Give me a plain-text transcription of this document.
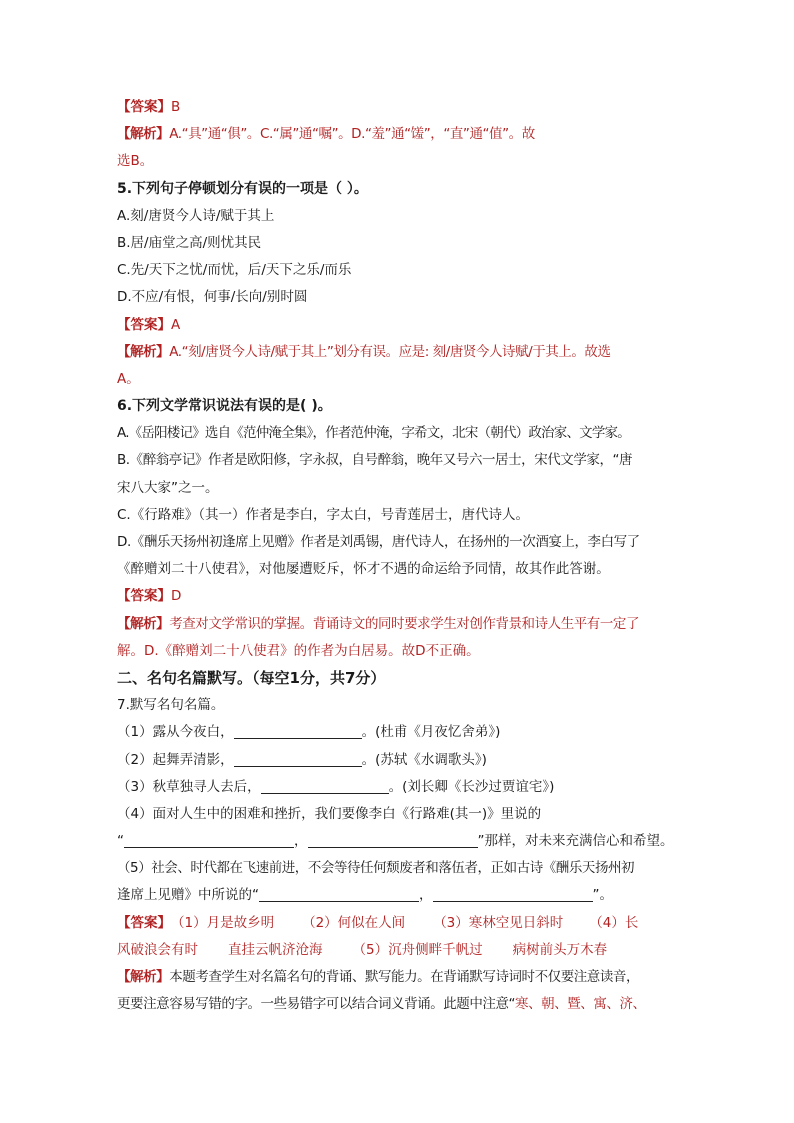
【答案】B
【解析】A.“具”通“俱”。C.“属”通“嘱”。D.“羞”通“馐”，“直”通“值”。故
选B。
5.下列句子停顿划分有误的一项是（ ）。
A.刻/唐贤今人诗/赋于其上
B.居/庙堂之高/则忧其民
C.先/天下之忧/而忧，后/天下之乐/而乐
D.不应/有恨，何事/长向/别时圆
【答案】A
【解析】A.“刻/唐贤今人诗/赋于其上”划分有误。应是: 刻/唐贤今人诗赋/于其上。故选
A。
6.下列文学常识说法有误的是( )。
A.《岳阳楼记》选自《范仲淹全集》，作者范仲淹，字希文，北宋（朝代）政治家、文学家。
B.《醉翁亭记》作者是欧阳修，字永叔，自号醉翁，晚年又号六一居士，宋代文学家，“唐
宋八大家”之一。
C.《行路难》（其一）作者是李白，字太白，号青莲居士，唐代诗人。
D.《酬乐天扬州初逢席上见赠》作者是刘禹锡，唐代诗人，在扬州的一次酒宴上，李白写了
《醉赠刘二十八使君》，对他屡遭贬斥，怀才不遇的命运给予同情，故其作此答谢。
【答案】D
【解析】考查对文学常识的掌握。背诵诗文的同时要求学生对创作背景和诗人生平有一定了
解。D.《醉赠刘二十八使君》的作者为白居易。故D不正确。
二、名句名篇默写。（每空1分，共7分）
7.默写名句名篇。
（1）露从今夜白，	。(杜甫《月夜忆舍弟》)
（2）起舞弄清影，	。(苏轼《水调歌头》)
（3）秋草独寻人去后，	。(刘长卿《长沙过贾谊宅》)
（4）面对人生中的困难和挫折，我们要像李白《行路难(其一)》里说的
“	，	”那样，对未来充满信心和希望。
（5）社会、时代都在飞速前进，不会等待任何颓废者和落伍者，正如古诗《酬乐天扬州初
逢席上见赠》中所说的“	，	”。
【答案】（1）月是故乡明 （2）何似在人间 （3）寒林空见日斜时 （4）长
风破浪会有时 直挂云帆济沧海 （5）沉舟侧畔千帆过 病树前头万木春
【解析】本题考查学生对名篇名句的背诵、默写能力。在背诵默写诗词时不仅要注意读音，
更要注意容易写错的字。一些易错字可以结合词义背诵。此题中注意“寒、朝、暨、寓、济、
